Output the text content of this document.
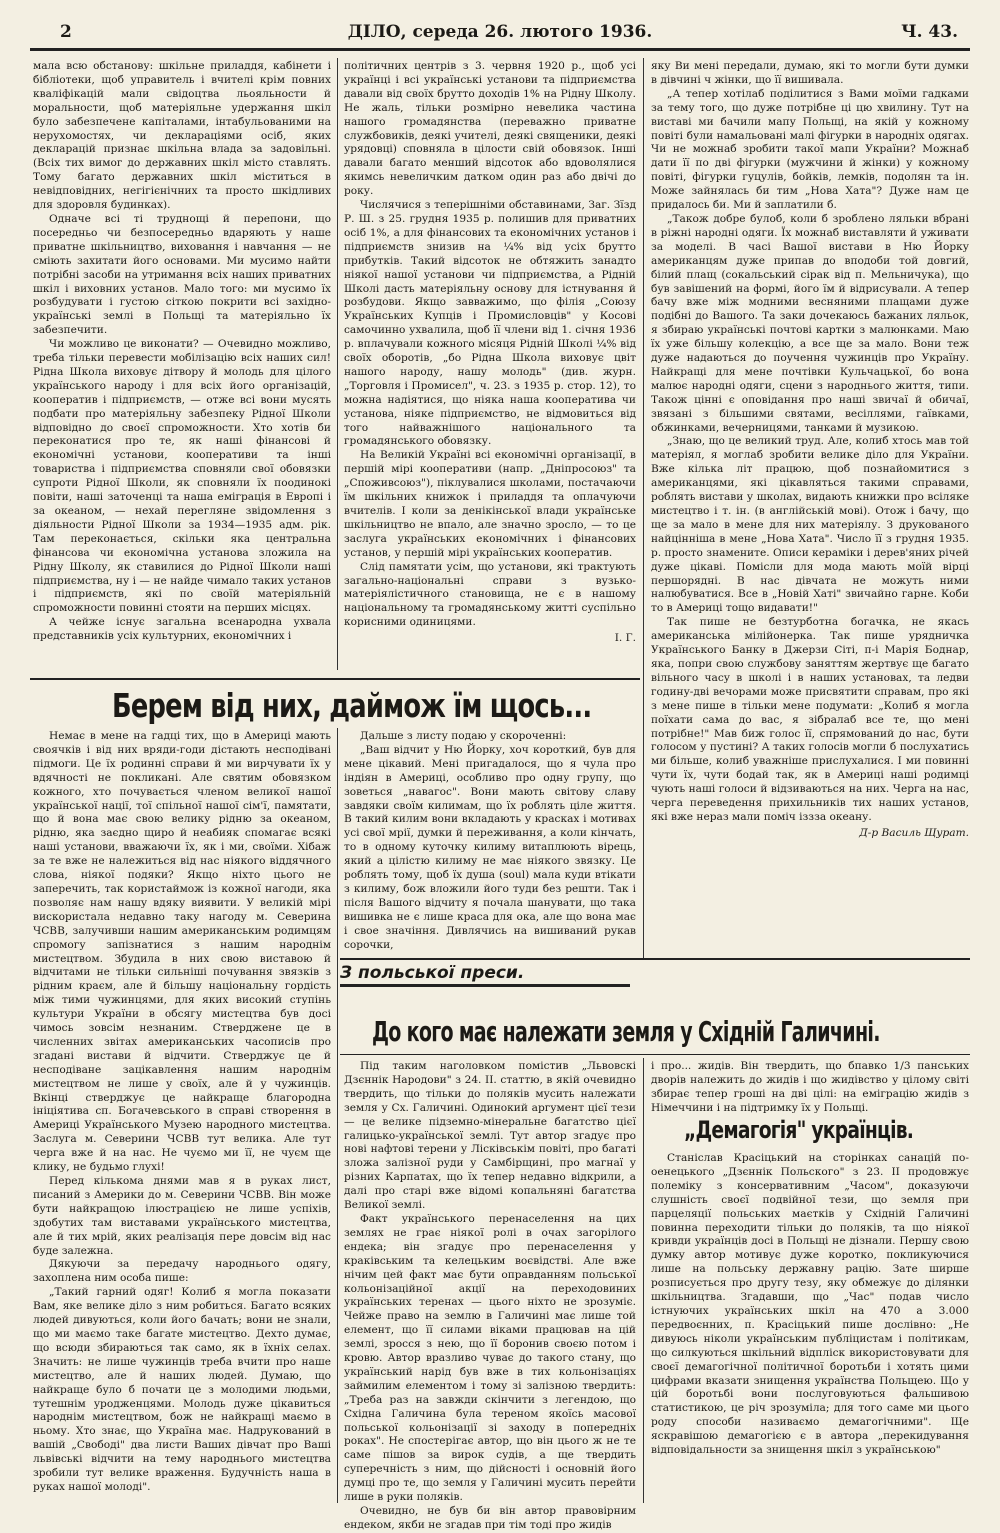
2	ДІЛО, середа 26. лютого 1936.	Ч. 43.

мала всю обстанову: шкільне приладдя, кабінети і бібліотеки, щоб управитель і вчителі крім повних кваліфікацій мали свідоцтва льояльности й моральности, щоб матеріяльне удержання шкіл було забезпечене капіталами, інтабульованими на нерухомостях, чи деклараціями осіб, яких декларацій признає шкільна влада за задовільні. (Всіх тих вимог до державних шкіл місто ставлять. Тому багато державних шкіл міститься в невідповідних, негігієнічних та просто шкідливих для здоровля будинках).

Одначе всі ті труднощі й перепони, що посередньо чи безпосередньо вдаряють у наше приватне шкільництво, виховання і навчання — не сміють захитати його основами. Ми мусимо найти потрібні засоби на утримання всіх наших приватних шкіл і виховних установ. Мало того: ми мусимо їх розбудувати і густою сіткою покрити всі західно-українські землі в Польщі та матеріяльно їх забезпечити.

Чи можливо це виконати? — Очевидно можливо, треба тільки перевести мобілізацію всіх наших сил! Рідна Школа виховує дітвору й молодь для цілого українського народу і для всіх його організацій, кооператив і підприємств, — отже всі вони мусять подбати про матеріяльну забезпеку Рідної Школи відповідно до своєї спроможности. Хто хотів би переконатися про те, як наші фінансові й економічні установи, кооперативи та інші товариства і підприємства сповняли свої обовязки супроти Рідної Школи, як сповняли їх поодинокі повіти, наші заточенці та наша еміграція в Европі і за океаном, — нехай перегляне звідомлення з діяльности Рідної Школи за 1934—1935 адм. рік. Там переконається, скільки яка центральна фінансова чи економічна установа зложила на Рідну Школу, як ставилися до Рідної Школи наші підприємства, ну і — не найде чимало таких установ і підприємств, які по своїй матеріяльній спроможности повинні стояти на перших місцях.

А чейже існує загальна всенародна ухвала представників усіх культурних, економічних і

політичних центрів з 3. червня 1920 р., щоб усі українці і всі українські установи та підприємства давали від своїх брутто доходів 1% на Рідну Школу. Не жаль, тільки розмірно невелика частина нашого громадянства (переважно приватне службовиків, деякі учителі, деякі священики, деякі урядовці) сповняла в цілости свій обовязок. Інші давали багато менший відсоток або вдоволялися якимсь невеличким датком один раз або двічі до року.

Числячися з теперішніми обставинами, Заг. Зїзд Р. Ш. з 25. грудня 1935 р. полишив для приватних осіб 1%, а для фінансових та економічних установ і підприємств знизив на ¼% від усіх брутто прибутків. Такий відсоток не обтяжить занадто ніякої нашої установи чи підприємства, а Рідній Школі дасть матеріяльну основу для істнування й розбудови. Якщо завважимо, що філія „Союзу Українських Купців і Промисловців" у Косові самочинно ухвалила, щоб її члени від 1. січня 1936 р. вплачували кожного місяця Рідній Школі ¼% від своїх оборотів, „бо Рідна Школа виховує цвіт нашого народу, нашу молодь" (див. журн. „Торговля і Промисел", ч. 23. з 1935 р. стор. 12), то можна надіятися, що ніяка наша кооператива чи установа, ніяке підприємство, не відмовиться від того найважнішого національного та громадянського обовязку.

На Великій Україні всі економічні організації, в першій мірі кооперативи (напр. „Дніпросоюз" та „Споживсоюз"), піклувалися школами, постачаючи їм шкільних книжок і приладдя та оплачуючи вчителів. І коли за денікінської влади українське шкільництво не впало, але значно зросло, — то це заслуга українських економічних і фінансових установ, у першій мірі українських кооператив.

Слід памятати усім, що установи, які трактують загально-національні справи з вузько-матеріялістичного становища, не є в нашому національному та громадянському житті суспільно корисними одиницями.

І. Г.

яку Ви мені передали, думаю, які то могли бути думки в дівчині ч жінки, що її вишивала.

„А тепер хотілаб поділитися з Вами моїми гадками за тему того, що дуже потрібне ці цю хвилину. Тут на виставі ми бачили мапу Польщі, на якій у кожному повіті були намальовані малі фігурки в народніх одягах. Чи не можнаб зробити такої мапи України? Можнаб дати її по дві фігурки (мужчини й жінки) у кожному повіті, фігурки гуцулів, бойків, лемків, подолян та ін. Може зайнялась би тим „Нова Хата"? Дуже нам це придалось би. Ми й заплатили б.

„Також добре булоб, коли б зроблено ляльки вбрані в ріжні народні одяги. Їх можнаб виставляти й уживати за моделі. В часі Вашої вистави в Ню Йорку американцям дуже припав до вподоби той довгий, білий плащ (сокальський сірак від п. Мельничука), що був завішений на формі, його їм й відрисували. А тепер бачу вже між модними весняними плащами дуже подібні до Вашого. Та заки дочекаюсь бажаних ляльок, я збираю українські почтові картки з малюнками. Маю їх уже більшу колекцію, а все ще за мало. Вони теж дуже надаються до поучення чужинців про Україну. Найкращі для мене почтівки Кульчацької, бо вона малює народні одяги, сцени з народнього життя, типи. Також цінні є оповідання про наші звичаї й обичаї, звязані з більшими святами, весіллями, гаївками, обжинками, вечерницями, танками й музикою.

„Знаю, що це великий труд. Але, колиб хтось мав той матеріял, я моглаб зробити велике діло для України. Вже кілька літ працюю, щоб познайомитися з американцями, які цікавляться такими справами, роблять вистави у школах, видають книжки про всіляке мистецтво і т. ін. (в англійській мові). Отож і бачу, що ще за мало в мене для них матеріялу. З друкованого найцінніша в мене „Нова Хата". Число її з грудня 1935. р. просто знамените. Описи кераміки і дерев'яних річей дуже цікаві. Помісли для мода мають моїй вірці першорядні. В нас дівчата не можуть ними налюбуватися. Все в „Новій Хаті" звичайно гарне. Коби то в Америці тощо видавати!"

Так пише не безтурботна богачка, не якась американська мілійонерка. Так пише урядничка Українського Банку в Джерзи Сіті, п-і Марія Боднар, яка, попри свою службову заняттям жертвує ще багато вільного часу в школі і в наших установах, та ледви годину-дві вечорами може присвятити справам, про які з мене пише в тільки мене подумати: „Колиб я могла поїхати сама до вас, я зібралаб все те, що мені потрібне!" Мав биж голос її, спрямований до нас, бути голосом у пустині? А таких голосів могли б послухатись ми більше, колиб уважніше прислухалися. І ми повинні чути їх, чути бодай так, як в Америці наші родимці чують наші голоси й відзиваються на них. Черга на нас, черга переведення прихильників тих наших установ, які вже нераз мали поміч іззза океану.

Д-р Василь Щурат.
Берем від них, даймож їм щось...

Немає в мене на гадці тих, що в Америці мають своячків і від них вряди-годи дістають несподівані підмоги. Це їх родинні справи й ми вирчувати їх у вдячності не покликані. Але святим обовязком кожного, хто почувається членом великої нашої української нації, тої спільної нашої сім'ї, памятати, що й вона має свою велику рідню за океаном, рідню, яка заєдно щиро й неабияк спомагає всякі наші установи, вважаючи їх, як і ми, своїми. Хібаж за те вже не належиться від нас ніякого віддячного слова, ніякої подяки? Якщо ніхто цього не заперечить, так користаймож із кожної нагоди, яка позволяє нам нашу вдяку виявити. У великій мірі вискористала недавно таку нагоду м. Северина ЧСВВ, залучивши нашим американським родимцям спромогу запізнатися з нашим народнім мистецтвом. Збудила в них свою виставою й відчитами не тільки сильніші почування звязків з рідним краєм, але й більшу національну гордість між тими чужинцями, для яких високий ступінь культури України в обсягу мистецтва був досі чимось зовсім незнаним. Стверджене це в численних звітах американських часописів про згадані вистави й відчити. Стверджує це й несподіване зацікавлення нашим народнім мистецтвом не лише у своїх, але й у чужинців. Вкінці стверджує це найкраще благородна ініціятива сп. Богачевського в справі створення в Америці Українського Музею народного мистецтва. Заслуга м. Северини ЧСВВ тут велика. Але тут черга вже й на нас. Не чуємо ми її, не чуєм ще клику, не будьмо глухі!

Перед кількома днями мав я в руках лист, писаний з Америки до м. Северини ЧСВВ. Він може бути найкращою ілюстрацією не лише успіхів, здобутих там виставами українського мистецтва, але й тих мрій, яких реалізація пере довсім від нас буде залежна.

Дякуючи за передачу народнього одягу, захоплена ним особа пише:

„Такий гарний одяг! Колиб я могла показати Вам, яке велике діло з ним робиться. Багато всяких людей дивуються, коли його бачать; вони не знали, що ми маємо таке багате мистецтво. Дехто думає, що всюди збираються так само, як в їхніх селах. Значить: не лише чужинців треба вчити про наше мистецтво, але й наших людей. Думаю, що найкраще було б почати це з молодими людьми, тутешнім уродженцями. Молодь дуже цікавиться народнім мистецтвом, бож не найкращі маємо в ньому. Хто знає, що Україна має. Надрукований в вашій „Свободі" два листи Ваших дівчат про Ваші львівські відчити на тему народнього мистецтва зробили тут велике враження. Будучність наша в руках нашої молоді".

Дальше з листу подаю у скороченні:

„Ваш відчит у Ню Йорку, хоч короткий, був для мене цікавий. Мені пригадалося, що я чула про індіян в Америці, особливо про одну групу, що зоветься „навагос". Вони мають світову славу завдяки своїм килимам, що їх роблять ціле життя. В такий килим вони вкладають у красках і мотивах усі свої мрії, думки й переживання, а коли кінчать, то в одному куточку килиму витаплюють вірець, який а цілістю килиму не має ніякого звязку. Це роблять тому, щоб їх душа (soul) мала куди втікати з килиму, бож вложили його туди без решти. Так і після Вашого відчиту я почала шанувати, що така вишивка не є лише краса для ока, але що вона має і свое значіння. Дивлячись на вишиваний рукав сорочки,

З польської преси.
До кого має належати земля у Східній Галичині.

Під таким наголовком помістив „Львовскі Дзєннік Народови" з 24. II. статтю, в якій очевидно твердить, що тільки до поляків мусить належати земля у Сх. Галичині. Одинокий аргумент цієї тези — це велике підземно-мінеральне багатство цієї галицько-української землі. Тут автор згадує про нові нафтові терени у Лісківськім повіті, про багаті зложа залізної руди у Самбірщині, про магнаї у різних Карпатах, що їх тепер недавно відкрили, а далі про старі вже відомі копальняні багатства Великої землі.

Факт українського перенаселення на цих землях не грає ніякої ролі в очах загорілого ендека; він згадує про перенаселення у краківським та келецьким воєвідстві. Але вже нічим цей факт має бути оправданням польської кольонізаційної акції на переходовиних українських теренах — цього ніхто не зрозуміє. Чейже право на землю в Галичині має лише той елемент, що її силами віками працював на цій землі, зросся з нею, що її боронив своєю потом і кровю. Автор вразливо чуває до такого стану, що український нарід був вже в тих кольонізаціях займилим елементом і тому зі залізною твердить: „Треба раз на завжди скінчити з легендою, що Східна Галичина була тереном якоїсь масової польської кольонізації зі заходу в попередніх роках". Не спостерігає автор, що він цього ж не те саме пішов за вирок судів, а ще твердить суперечність з ним, що дійсності і основній його думці про те, що земля у Галичині мусить перейти лише в руки поляків.

Очевидно, не був би він автор правовірним ендеком, якби не згадав при тім тоді про жидів

і про... жидів. Він твердить, що бпавко 1/3 панських дворів належить до жидів і що жидівство у цілому світі збирає тепер гроші на дві цілі: на еміграцію жидів з Німеччини і на підтримку їх у Польщі.

„Демагогія" українців.

Станіслав Красіцький на сторінках санацій по-оенецького „Дзєннік Польского" з 23. II продовжує полеміку з консервативним „Часом", доказуючи слушність своєї подвійної тези, що земля при парцеляції польських маєтків у Східній Галичині повинна переходити тільки до поляків, та що ніякої кривди українців досі в Польщі не дізнали. Першу свою думку автор мотивує дуже коротко, покликуючися лише на польську державну рацію. Зате ширше розписується про другу тезу, яку обмежує до ділянки шкільництва. Згадавши, що „Час" подав число істнуючих українських шкіл на 470 а 3.000 передвоєнних, п. Красіцький пише дослівно: „Не дивуюсь ніколи українським публіцистам і політикам, що силкуються шкільний відпліск використовувати для своєї демагогічної політичної боротьби і хотять цими цифрами вказати знищення українства Польщею. Що у цій боротьбі вони послуговуються фальшивою статистикою, це річ зрозуміла; для того саме ми цього роду способи називаємо демагогічними". Ще яскравішою демагогією є в автора „перекидування відповідальности за знищення шкіл з українською"
